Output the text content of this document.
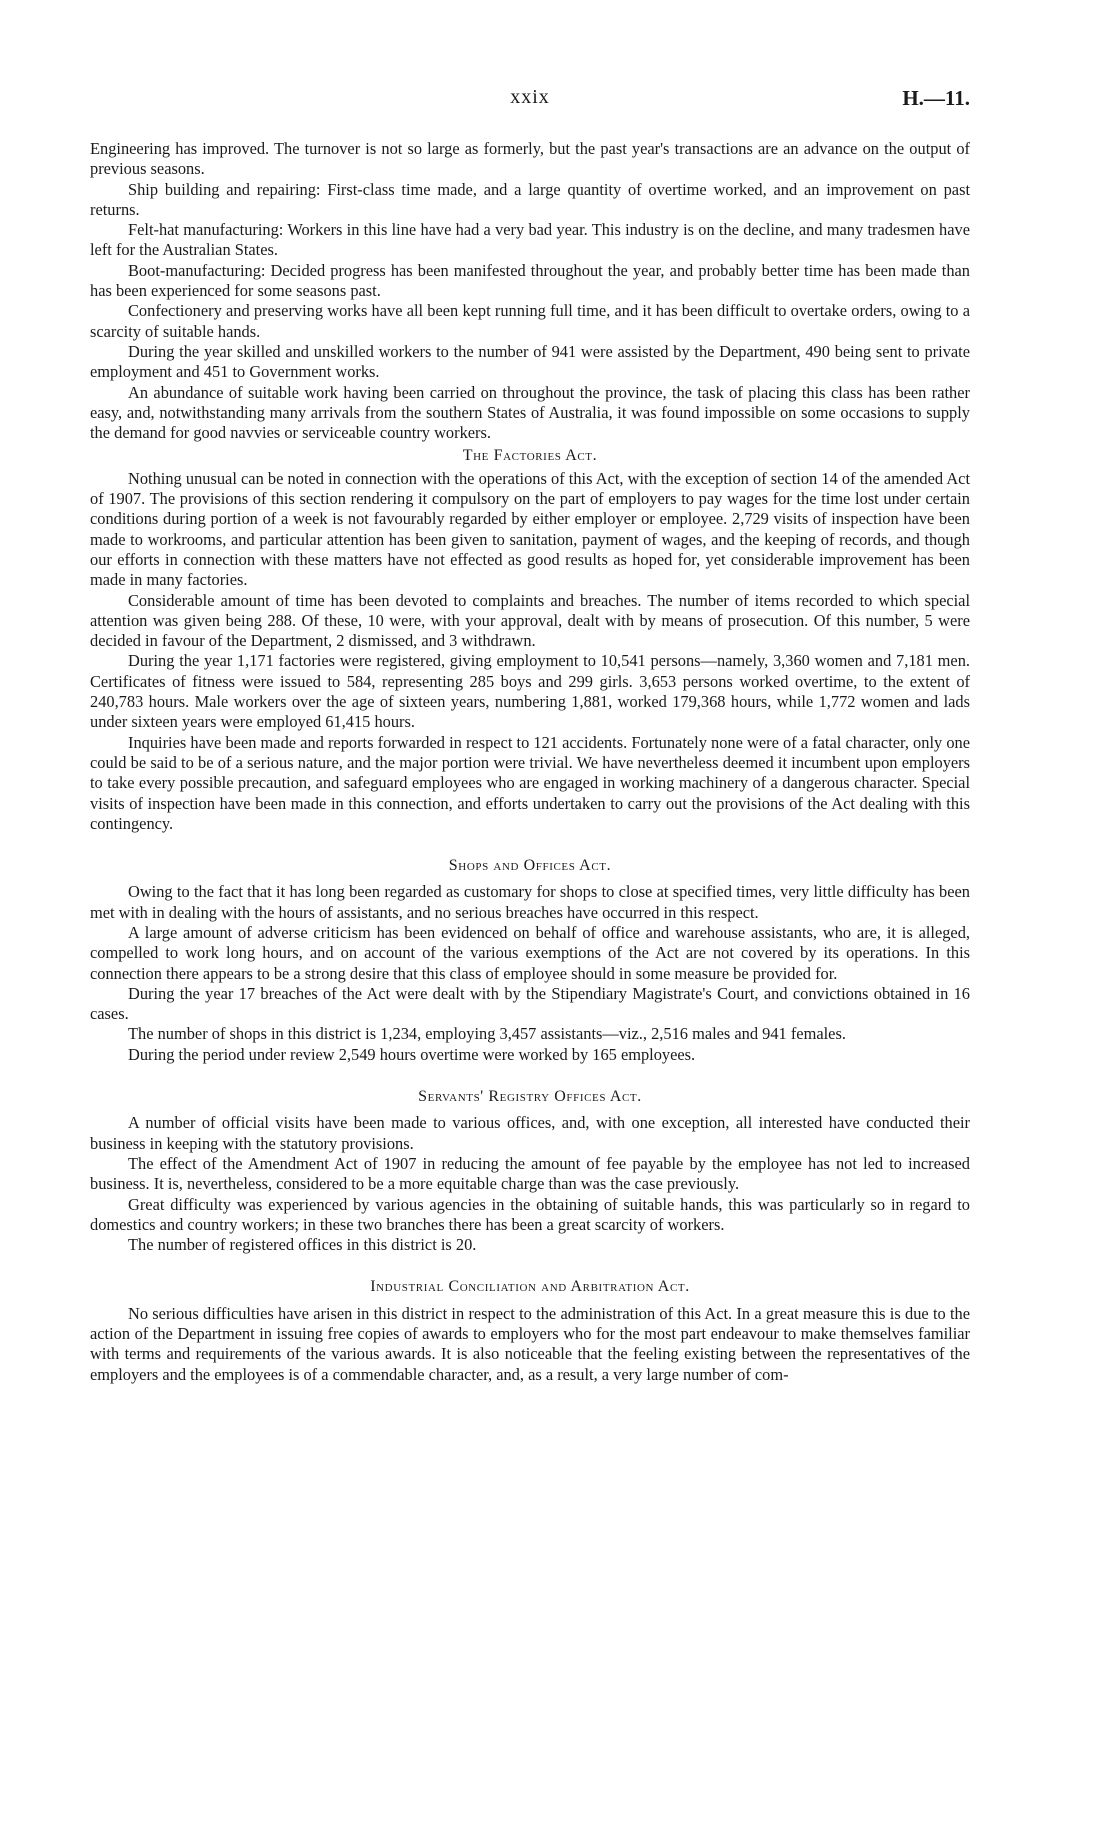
xxix	H.—11.

Engineering has improved. The turnover is not so large as formerly, but the past year's transactions are an advance on the output of previous seasons.

Ship building and repairing: First-class time made, and a large quantity of overtime worked, and an improvement on past returns.

Felt-hat manufacturing: Workers in this line have had a very bad year. This industry is on the decline, and many tradesmen have left for the Australian States.

Boot-manufacturing: Decided progress has been manifested throughout the year, and probably better time has been made than has been experienced for some seasons past.

Confectionery and preserving works have all been kept running full time, and it has been difficult to overtake orders, owing to a scarcity of suitable hands.

During the year skilled and unskilled workers to the number of 941 were assisted by the Department, 490 being sent to private employment and 451 to Government works.

An abundance of suitable work having been carried on throughout the province, the task of placing this class has been rather easy, and, notwithstanding many arrivals from the southern States of Australia, it was found impossible on some occasions to supply the demand for good navvies or serviceable country workers.

The Factories Act.

Nothing unusual can be noted in connection with the operations of this Act, with the exception of section 14 of the amended Act of 1907. The provisions of this section rendering it compulsory on the part of employers to pay wages for the time lost under certain conditions during portion of a week is not favourably regarded by either employer or employee. 2,729 visits of inspection have been made to workrooms, and particular attention has been given to sanitation, payment of wages, and the keeping of records, and though our efforts in connection with these matters have not effected as good results as hoped for, yet considerable improvement has been made in many factories.

Considerable amount of time has been devoted to complaints and breaches. The number of items recorded to which special attention was given being 288. Of these, 10 were, with your approval, dealt with by means of prosecution. Of this number, 5 were decided in favour of the Department, 2 dismissed, and 3 withdrawn.

During the year 1,171 factories were registered, giving employment to 10,541 persons—namely, 3,360 women and 7,181 men. Certificates of fitness were issued to 584, representing 285 boys and 299 girls. 3,653 persons worked overtime, to the extent of 240,783 hours. Male workers over the age of sixteen years, numbering 1,881, worked 179,368 hours, while 1,772 women and lads under sixteen years were employed 61,415 hours.

Inquiries have been made and reports forwarded in respect to 121 accidents. Fortunately none were of a fatal character, only one could be said to be of a serious nature, and the major portion were trivial. We have nevertheless deemed it incumbent upon employers to take every possible precaution, and safeguard employees who are engaged in working machinery of a dangerous character. Special visits of inspection have been made in this connection, and efforts undertaken to carry out the provisions of the Act dealing with this contingency.

Shops and Offices Act.

Owing to the fact that it has long been regarded as customary for shops to close at specified times, very little difficulty has been met with in dealing with the hours of assistants, and no serious breaches have occurred in this respect.

A large amount of adverse criticism has been evidenced on behalf of office and warehouse assistants, who are, it is alleged, compelled to work long hours, and on account of the various exemptions of the Act are not covered by its operations. In this connection there appears to be a strong desire that this class of employee should in some measure be provided for.

During the year 17 breaches of the Act were dealt with by the Stipendiary Magistrate's Court, and convictions obtained in 16 cases.

The number of shops in this district is 1,234, employing 3,457 assistants—viz., 2,516 males and 941 females.

During the period under review 2,549 hours overtime were worked by 165 employees.

Servants' Registry Offices Act.

A number of official visits have been made to various offices, and, with one exception, all interested have conducted their business in keeping with the statutory provisions.

The effect of the Amendment Act of 1907 in reducing the amount of fee payable by the employee has not led to increased business. It is, nevertheless, considered to be a more equitable charge than was the case previously.

Great difficulty was experienced by various agencies in the obtaining of suitable hands, this was particularly so in regard to domestics and country workers; in these two branches there has been a great scarcity of workers.

The number of registered offices in this district is 20.

Industrial Conciliation and Arbitration Act.

No serious difficulties have arisen in this district in respect to the administration of this Act. In a great measure this is due to the action of the Department in issuing free copies of awards to employers who for the most part endeavour to make themselves familiar with terms and requirements of the various awards. It is also noticeable that the feeling existing between the representatives of the employers and the employees is of a commendable character, and, as a result, a very large number of com-
